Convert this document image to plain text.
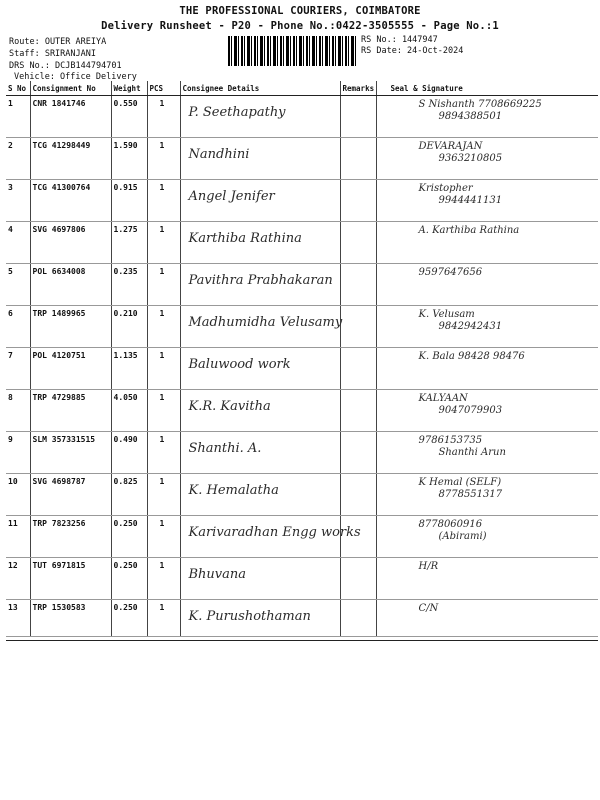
THE PROFESSIONAL COURIERS, COIMBATORE
Delivery Runsheet - P20 - Phone No.:0422-3505555 - Page No.:1
Route: OUTER AREIYA
Staff: SRIRANJANI
DRS No.: DCJB144794701
Vehicle: Office Delivery
RS No.: 1447947
RS Date: 24-Oct-2024
S No	Consignment No	Weight	PCS	Consignee Details	Remarks	Seal & Signature
1	CNR 1841746	0.550	1	P. Seethapathy		S Nishanth 7708669225
9894388501

2	TCG 41298449	1.590	1	Nandhini		DEVARAJAN
9363210805

3	TCG 41300764	0.915	1	Angel Jenifer		Kristopher
9944441131

4	SVG 4697806	1.275	1	Karthiba Rathina		A. Karthiba Rathina

5	POL 6634008	0.235	1	Pavithra Prabhakaran		9597647656

6	TRP 1489965	0.210	1	Madhumidha Velusamy		K. Velusam
9842942431

7	POL 4120751	1.135	1	Baluwood work		K. Bala 98428 98476

8	TRP 4729885	4.050	1	K.R. Kavitha		KALYAAN
9047079903

9	SLM 357331515	0.490	1	Shanthi. A.		9786153735
Shanthi Arun

10	SVG 4698787	0.825	1	K. Hemalatha		K Hemal (SELF)
8778551317

11	TRP 7823256	0.250	1	Karivaradhan Engg works		8778060916
(Abirami)

12	TUT 6971815	0.250	1	Bhuvana		H/R

13	TRP 1530583	0.250	1	K. Purushothaman		C/N
